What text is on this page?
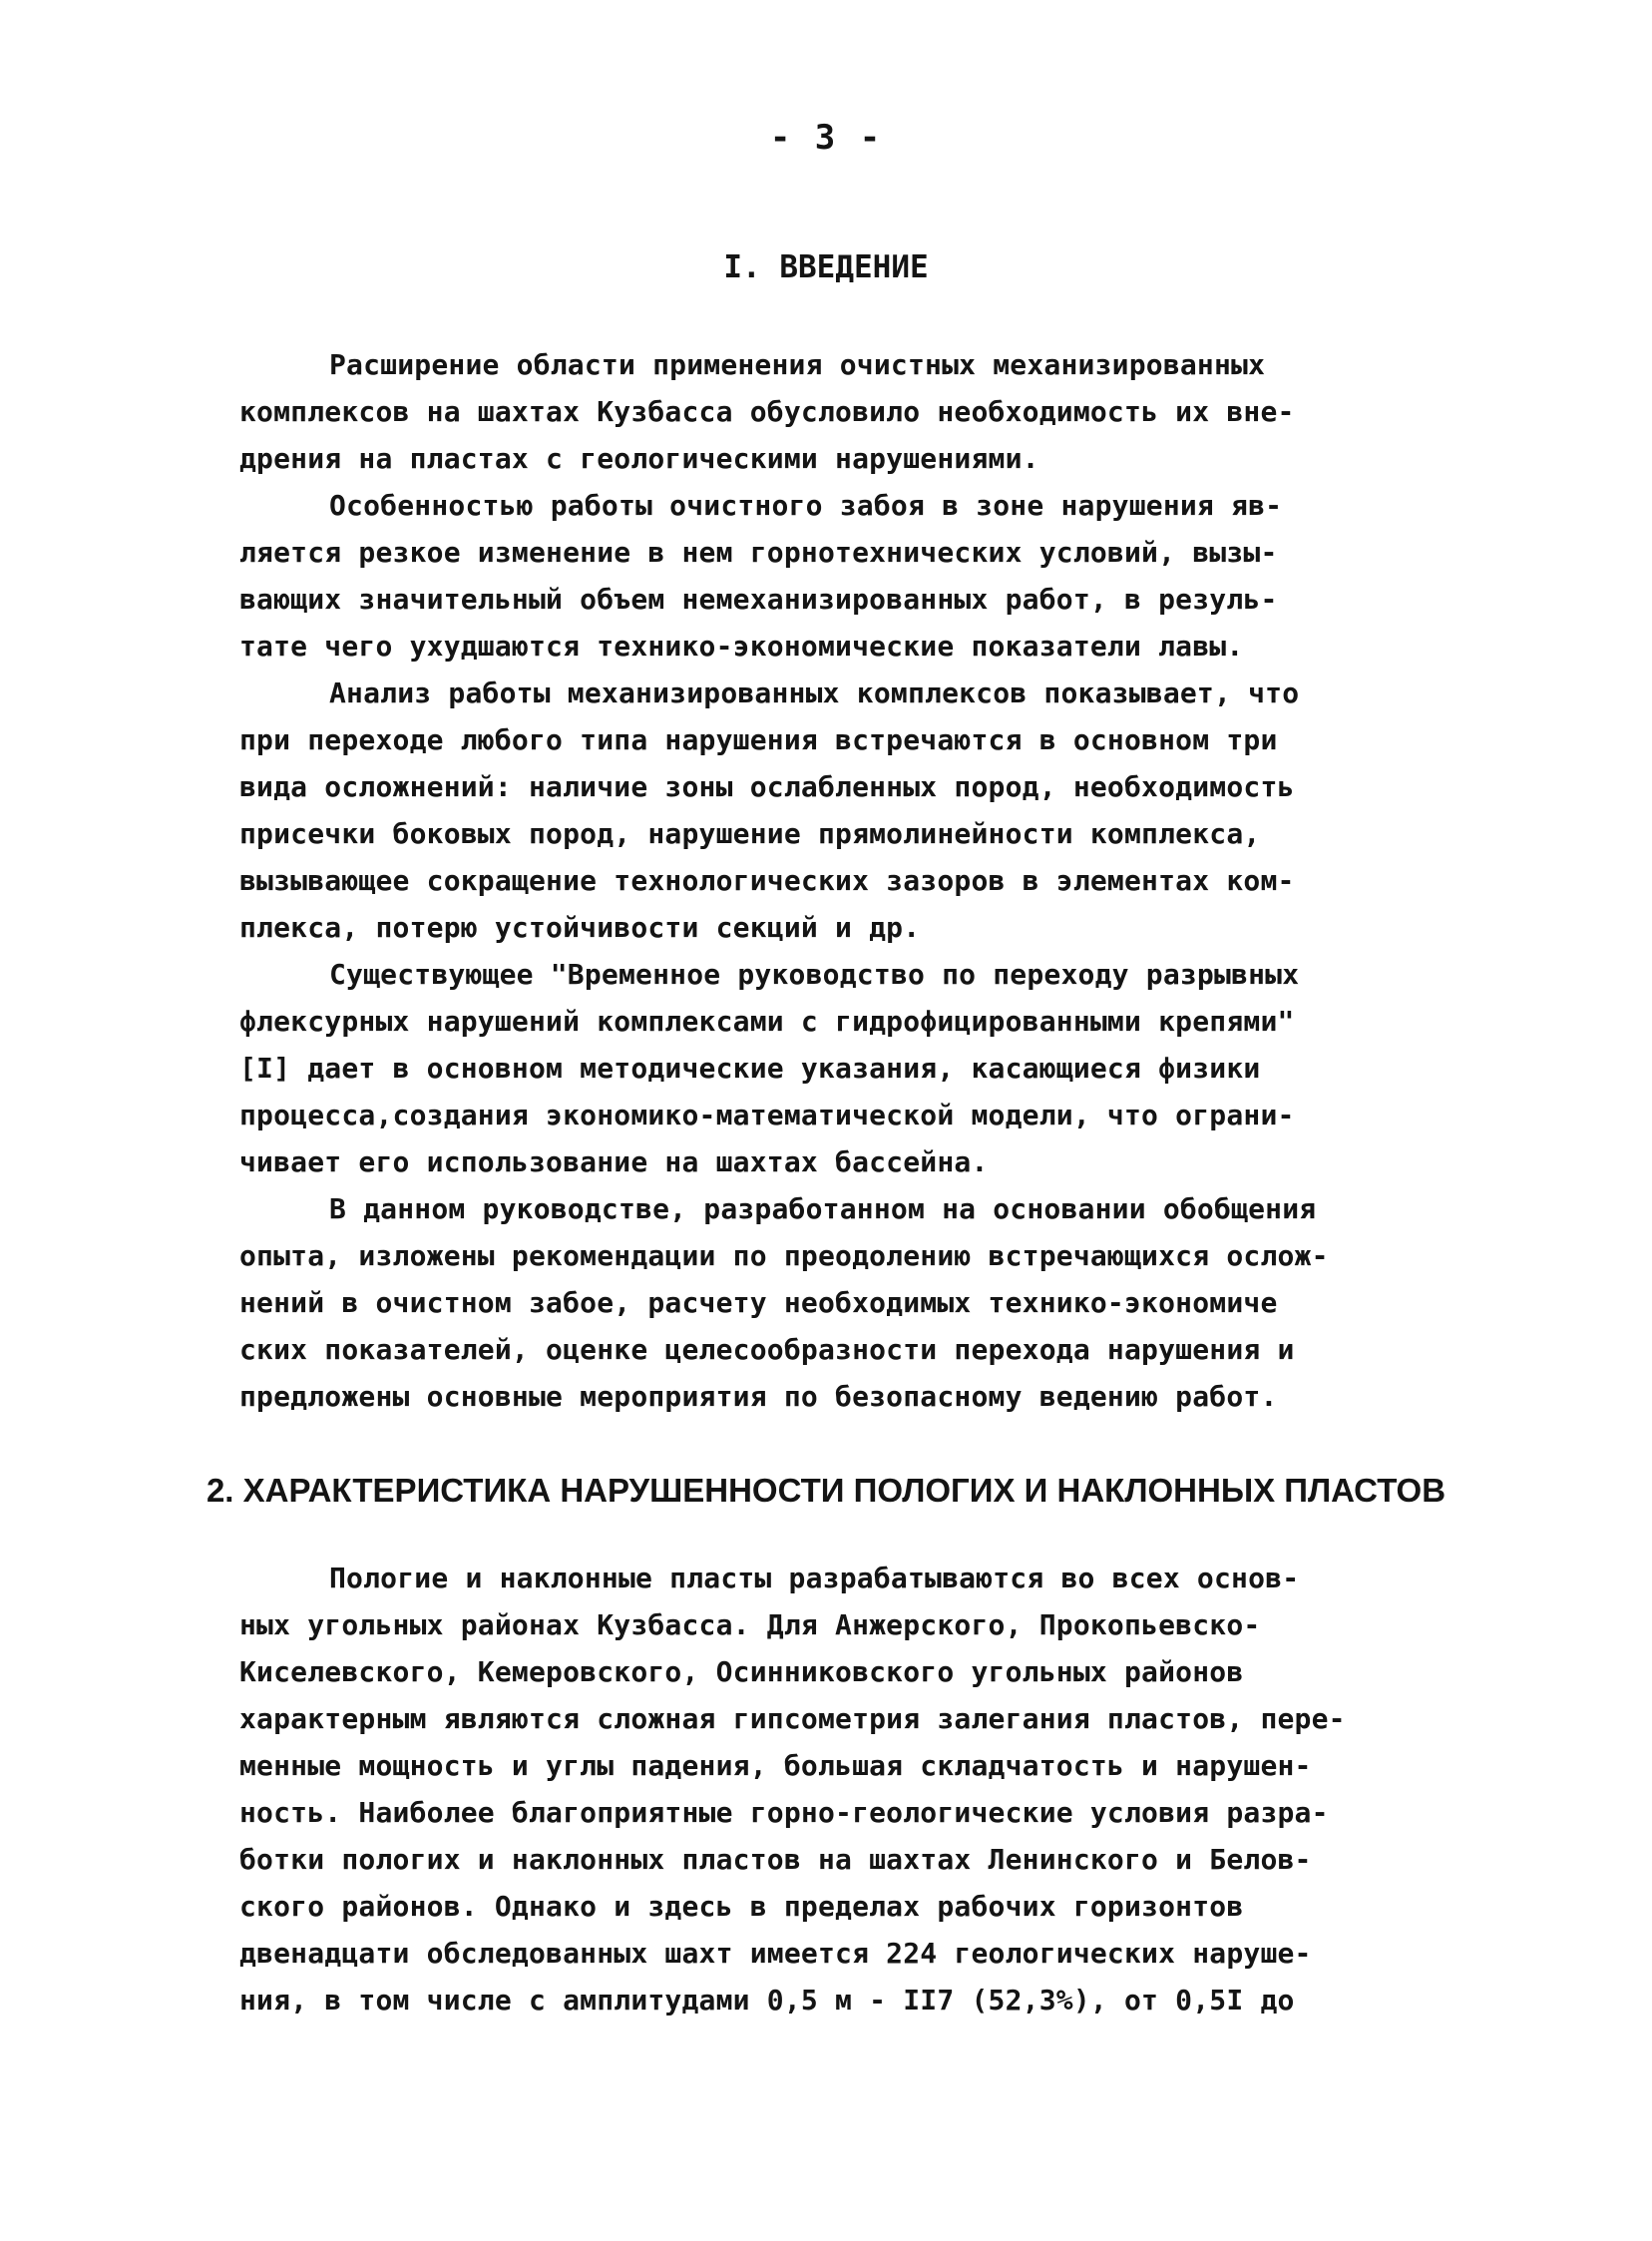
- 3 -
I. ВВЕДЕНИЕ
Расширение области применения очистных механизированных
комплексов на шахтах Кузбасса обусловило необходимость их вне-
дрения на пластах с геологическими нарушениями.
Особенностью работы очистного забоя в зоне нарушения яв-
ляется резкое изменение в нем горнотехнических условий, вызы-
вающих значительный объем немеханизированных работ, в резуль-
тате чего ухудшаются технико-экономические показатели лавы.
Анализ работы механизированных комплексов показывает, что
при переходе любого типа нарушения встречаются в основном три
вида осложнений: наличие зоны ослабленных пород, необходимость
присечки боковых пород, нарушение прямолинейности комплекса,
вызывающее сокращение технологических зазоров в элементах ком-
плекса, потерю устойчивости секций и др.
Существующее "Временное руководство по переходу разрывных
флексурных нарушений комплексами с гидрофицированными крепями"
[I] дает в основном методические указания, касающиеся физики
процесса,создания экономико-математической модели, что ограни-
чивает его использование на шахтах бассейна.
В данном руководстве, разработанном на основании обобщения
опыта, изложены рекомендации по преодолению встречающихся ослож-
нений в очистном забое, расчету необходимых технико-экономиче
ских показателей, оценке целесообразности перехода нарушения и
предложены основные мероприятия по безопасному ведению работ.
2. ХАРАКТЕРИСТИКА НАРУШЕННОСТИ ПОЛОГИХ И НАКЛОННЫХ ПЛАСТОВ
Пологие и наклонные пласты разрабатываются во всех основ-
ных угольных районах Кузбасса. Для Анжерского, Прокопьевско-
Киселевского, Кемеровского, Осинниковского угольных районов
характерным являются сложная гипсометрия залегания пластов, пере-
менные мощность и углы падения, большая складчатость и нарушен-
ность. Наиболее благоприятные горно-геологические условия разра-
ботки пологих и наклонных пластов на шахтах Ленинского и Белов-
ского районов. Однако и здесь в пределах рабочих горизонтов
двенадцати обследованных шахт имеется 224 геологических наруше-
ния, в том числе с амплитудами 0,5 м - II7 (52,3%), от 0,5I до
